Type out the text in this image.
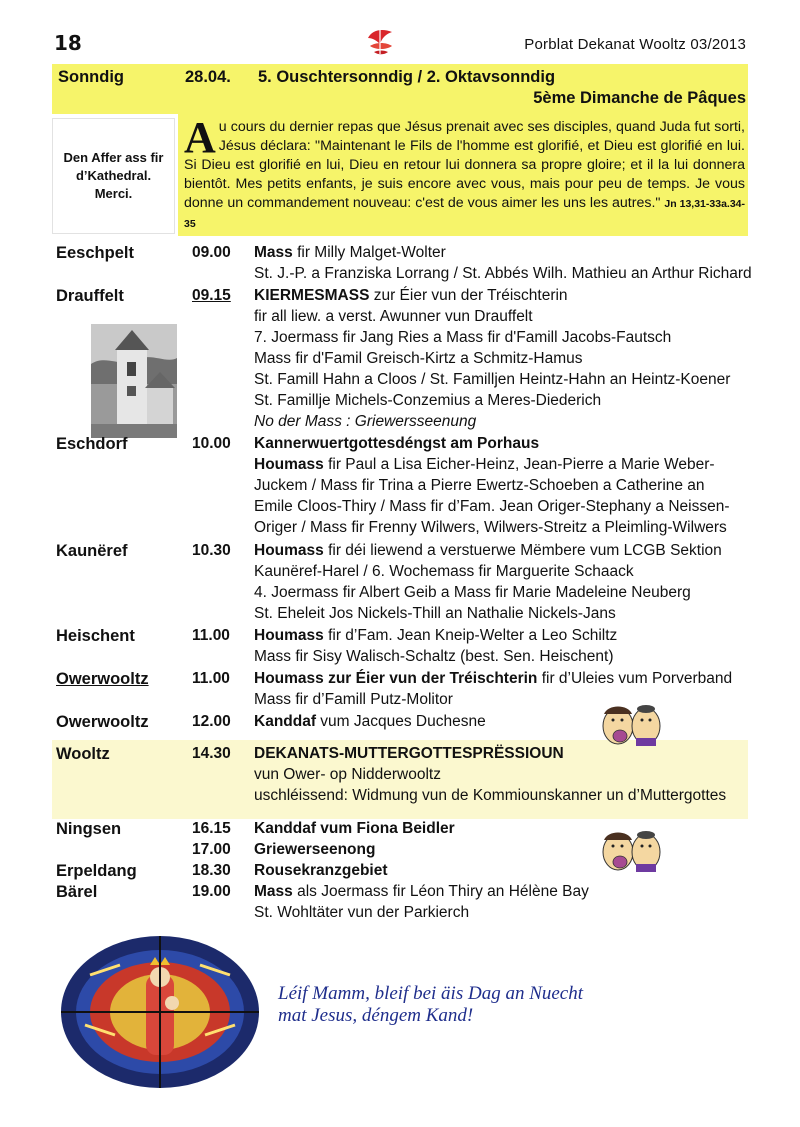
18	Porblat Dekanat Wooltz 03/2013
Sonndig	28.04. 5. Ouschtersonndig / 2. Oktavsonndig
5ème Dimanche de Pâques
Den Affer ass fir
d’Kathedral.
Merci.
Au cours du dernier repas que Jésus prenait avec ses disciples, quand Juda fut sorti, Jésus déclara: "Maintenant le Fils de l'homme est glorifié, et Dieu est glorifié en lui. Si Dieu est glorifié en lui, Dieu en retour lui donnera sa propre gloire; et il la lui donnera bientôt. Mes petits enfants, je suis encore avec vous, mais pour peu de temps. Je vous donne un commandement nouveau: c'est de vous aimer les uns les autres." Jn 13,31-33a.34-35
Eeschpelt	09.00 Mass fir Milly Malget-Wolter
St. J.-P. a Franziska Lorrang / St. Abbés Wilh. Mathieu an Arthur Richard
Drauffelt	09.15 KIERMESMASS zur Éier vun der Tréischterin
fir all liew. a verst. Awunner vun Drauffelt
7. Joermass fir Jang Ries a Mass fir d'Famill Jacobs-Fautsch
Mass fir d'Famil Greisch-Kirtz a Schmitz-Hamus
St. Famill Hahn a Cloos / St. Familljen Heintz-Hahn an Heintz-Koener
St. Famillje Michels-Conzemius a Meres-Diederich
No der Mass : Griewersseenung
Eschdorf	10.00 Kannerwuertgottesdéngst am Porhaus
Houmass fir Paul a Lisa Eicher-Heinz, Jean-Pierre a Marie Weber-
Juckem / Mass fir Trina a Pierre Ewertz-Schoeben a Catherine an
Emile Cloos-Thiry / Mass fir d’Fam. Jean Origer-Stephany a Neissen-
Origer / Mass fir Frenny Wilwers, Wilwers-Streitz a Pleimling-Wilwers
Kaunëref	10.30 Houmass fir déi liewend a verstuerwe Mëmbere vum LCGB Sektion
Kaunëref-Harel / 6. Wochemass fir Marguerite Schaack
4. Joermass fir Albert Geib a Mass fir Marie Madeleine Neuberg
St. Eheleit Jos Nickels-Thill an Nathalie Nickels-Jans
Heischent	11.00 Houmass fir d’Fam. Jean Kneip-Welter a Leo Schiltz
Mass fir Sisy Walisch-Schaltz (best. Sen. Heischent)
Owerwooltz	11.00 Houmass zur Éier vun der Tréischterin fir d’Uleies vum Porverband
Mass fir d’Famill Putz-Molitor
Owerwooltz	12.00 Kanddaf vum Jacques Duchesne
Wooltz	14.30 DEKANATS-MUTTERGOTTESPRËSSIOUN
vun Ower- op Nidderwooltz
uschléissend: Widmung vun de Kommiounskanner un d’Muttergottes
Ningsen	16.15 Kanddaf vum Fiona Beidler
17.00 Griewerseenong
Erpeldang	18.30 Rousekranzgebiet
Bärel	19.00 Mass als Joermass fir Léon Thiry an Hélène Bay
St. Wohltäter vun der Parkierch
Léif Mamm, bleif bei äis Dag an Nuecht
mat Jesus, déngem Kand!
